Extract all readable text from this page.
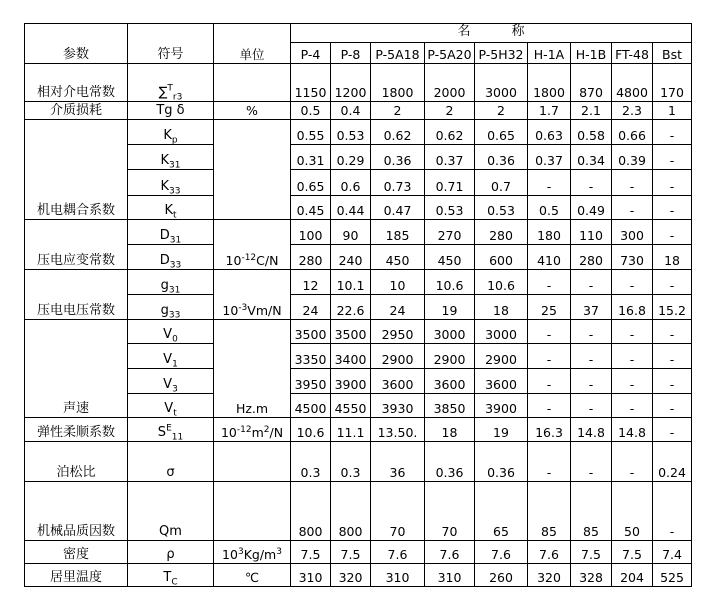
参数	符号	单位	名　称								
			P-4	P-8	P-5A18	P-5A20	P-5H32	H-1A	H-1B	FT-48	Bst
相对介电常数	∑$^T_{r3}$		1150	1200	1800	2000	3000	1800	870	4800	170
介质损耗	Tg δ	%	0.5	0.4	2	2	2	1.7	2.1	2.3	1
机电耦合系数	$K_p$		0.55	0.53	0.62	0.62	0.65	0.63	0.58	0.66	-
	$K_{31}$		0.31	0.29	0.36	0.37	0.36	0.37	0.34	0.39	-
	$K_{33}$		0.65	0.6	0.73	0.71	0.7	-	-	-	-
	$K_t$		0.45	0.44	0.47	0.53	0.53	0.5	0.49	-	-
压电应变常数	$D_{31}$	$10^{-12}C/N$	100	90	185	270	280	180	110	300	-
	$D_{33}$		280	240	450	450	600	410	280	730	18
压电电压常数	$g_{31}$	$10^{-3}Vm/N$	12	10.1	10	10.6	10.6	-	-	-	-
	$g_{33}$		24	22.6	24	19	18	25	37	16.8	15.2
声速	$V_0$	Hz.m	3500	3500	2950	3000	3000	-	-	-	-
	$V_1$		3350	3400	2900	2900	2900	-	-	-	-
	$V_3$		3950	3900	3600	3600	3600	-	-	-	-
	$V_t$		4500	4550	3930	3850	3900	-	-	-	-
弹性柔顺系数	$S^E_{11}$	$10^{-12}m^2/N$	10.6	11.1	13.50.	18	19	16.3	14.8	14.8	-
泊松比	σ		0.3	0.3	36	0.36	0.36	-	-	-	0.24
机械品质因数	Qm		800	800	70	70	65	85	85	50	-
密度	ρ	$10^3Kg/m^3$	7.5	7.5	7.6	7.6	7.6	7.6	7.5	7.5	7.4
居里温度	$T_C$	℃	310	320	310	310	260	320	328	204	525
